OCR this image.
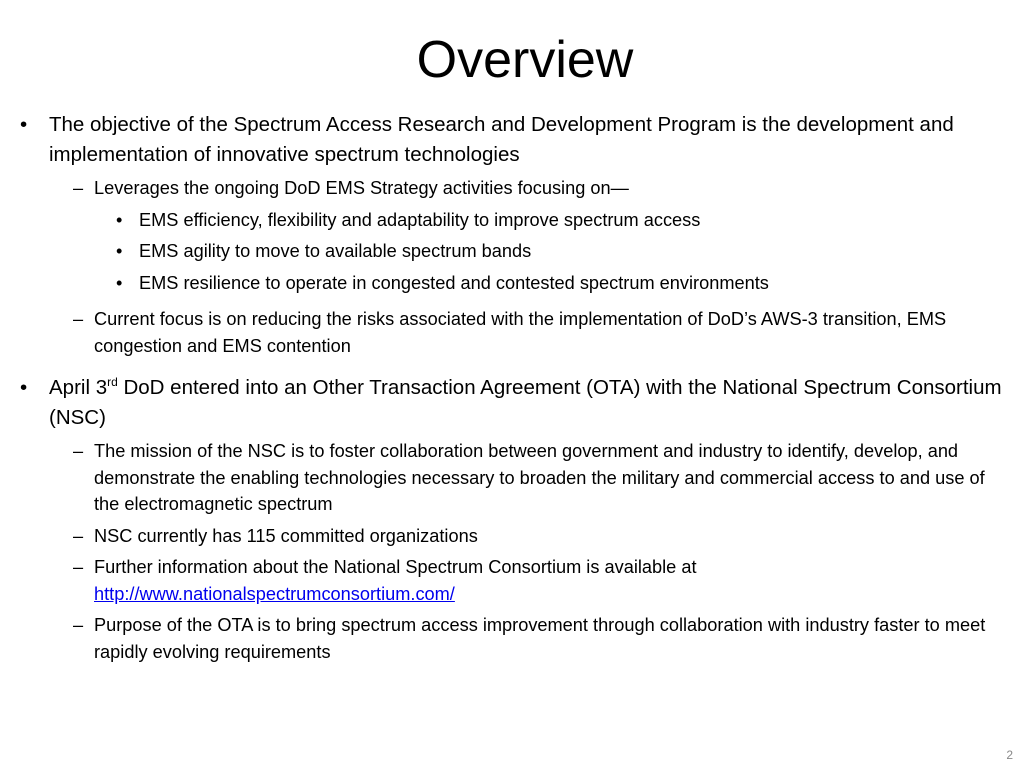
Overview
• The objective of the Spectrum Access Research and Development Program is the development and implementation of innovative spectrum technologies
– Leverages the ongoing DoD EMS Strategy activities focusing on—
• EMS efficiency, flexibility and adaptability to improve spectrum access
• EMS agility to move to available spectrum bands
• EMS resilience to operate in congested and contested spectrum environments
– Current focus is on reducing the risks associated with the implementation of DoD’s AWS-3 transition, EMS congestion and EMS contention
• April 3rd DoD entered into an Other Transaction Agreement (OTA) with the National Spectrum Consortium (NSC)
– The mission of the NSC is to foster collaboration between government and industry to identify, develop, and demonstrate the enabling technologies necessary to broaden the military and commercial access to and use of the electromagnetic spectrum
– NSC currently has 115 committed organizations
– Further information about the National Spectrum Consortium is available at
http://www.nationalspectrumconsortium.com/
– Purpose of the OTA is to bring spectrum access improvement through collaboration with industry faster to meet rapidly evolving requirements
2
